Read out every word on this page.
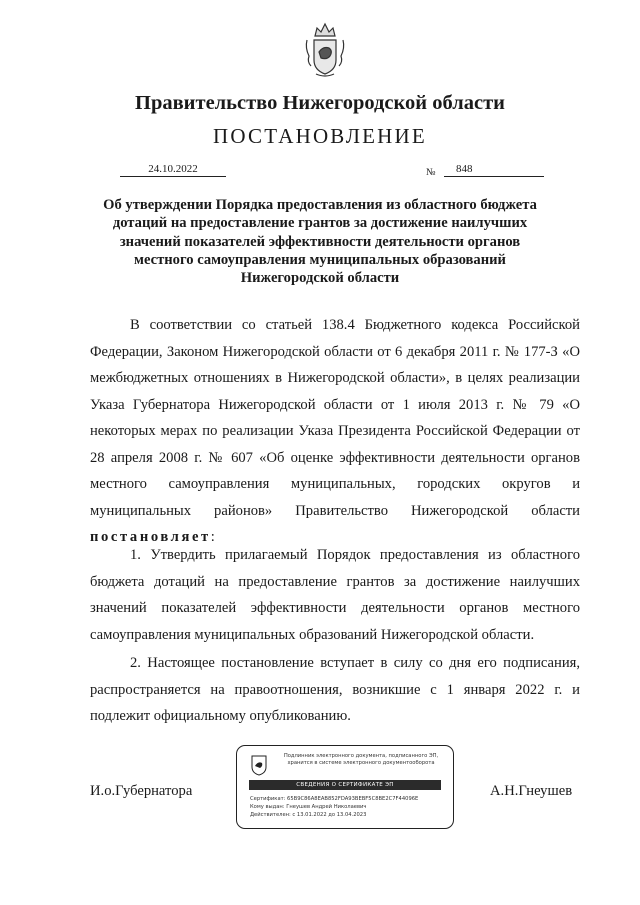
Правительство Нижегородской области
ПОСТАНОВЛЕНИЕ
24.10.2022	№	848
Об утверждении Порядка предоставления из областного бюджета дотаций на предоставление грантов за достижение наилучших значений показателей эффективности деятельности органов местного самоуправления муниципальных образований Нижегородской области
В соответствии со статьей 138.4 Бюджетного кодекса Российской Федерации, Законом Нижегородской области от 6 декабря 2011 г. № 177-З «О межбюджетных отношениях в Нижегородской области», в целях реализации Указа Губернатора Нижегородской области от 1 июля 2013 г. № 79 «О некоторых мерах по реализации Указа Президента Российской Федерации от 28 апреля 2008 г. № 607 «Об оценке эффективности деятельности органов местного самоуправления муниципальных, городских округов и муниципальных районов» Правительство Нижегородской области постановляет:
1. Утвердить прилагаемый Порядок предоставления из областного бюджета дотаций на предоставление грантов за достижение наилучших значений показателей эффективности деятельности органов местного самоуправления муниципальных образований Нижегородской области.
2. Настоящее постановление вступает в силу со дня его подписания, распространяется на правоотношения, возникшие с 1 января 2022 г. и подлежит официальному опубликованию.
И.о.Губернатора	А.Н.Гнеушев
Подлинник электронного документа, подписанного ЭП, хранится в системе электронного документооборота
СВЕДЕНИЯ О СЕРТИФИКАТЕ ЭП
Сертификат: 65B9C86A8EAB852FDA93BEBF5C8BE2C7F44096E
Кому выдан: Гнеушев Андрей Николаевич
Действителен: с 13.01.2022 до 13.04.2023
